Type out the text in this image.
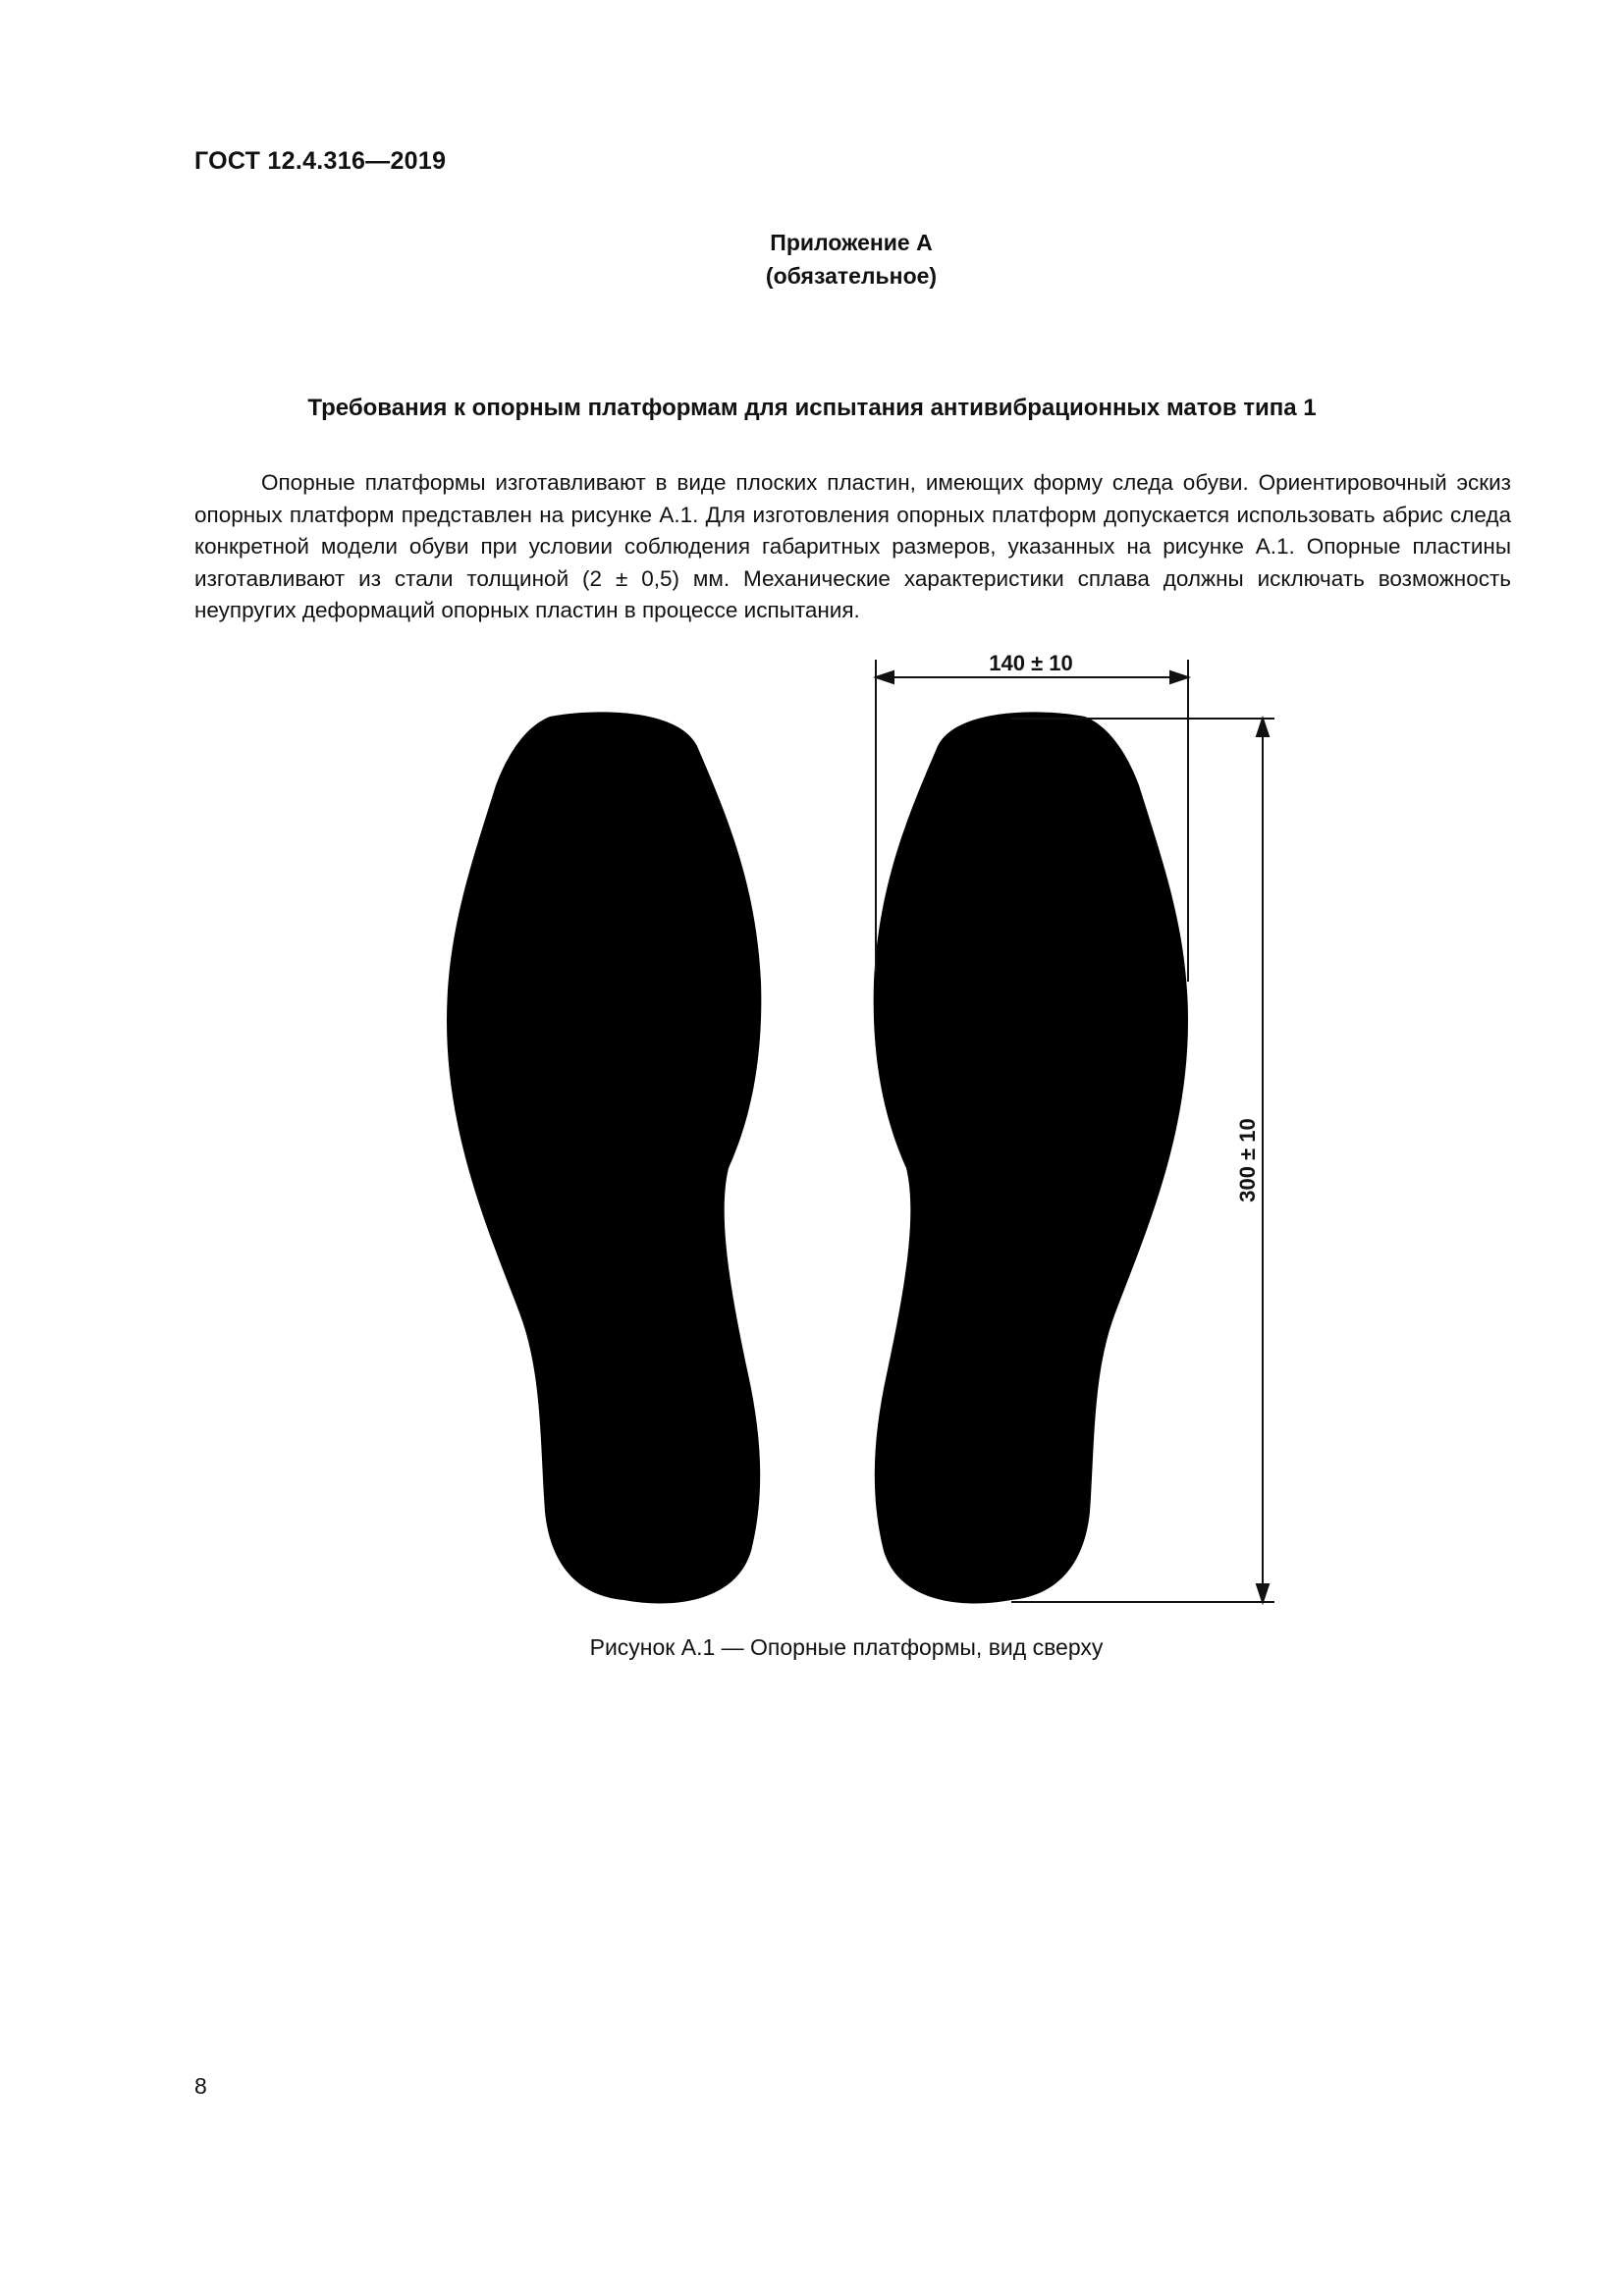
ГОСТ 12.4.316—2019
Приложение А
(обязательное)
Требования к опорным платформам для испытания антивибрационных матов типа 1
Опорные платформы изготавливают в виде плоских пластин, имеющих форму следа обуви. Ориентировочный эскиз опорных платформ представлен на рисунке А.1. Для изготовления опорных платформ допускается использовать абрис следа конкретной модели обуви при условии соблюдения габаритных размеров, указанных на рисунке А.1. Опорные пластины изготавливают из стали толщиной (2 ± 0,5) мм. Механические характеристики сплава должны исключать возможность неупругих деформаций опорных пластин в процессе испытания.
140 ± 10
300 ± 10
Рисунок А.1 — Опорные платформы, вид сверху
8
